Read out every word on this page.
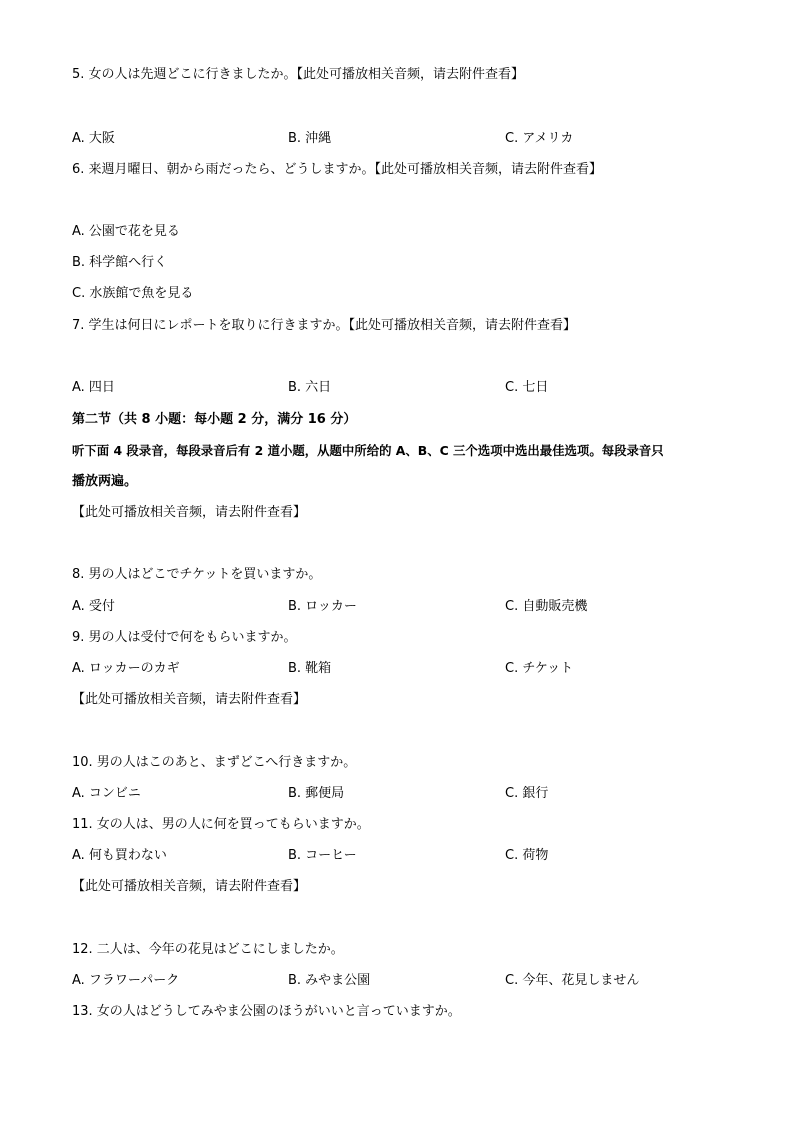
5. 女の人は先週どこに行きましたか。【此处可播放相关音频，请去附件查看】
A. 大阪	B. 沖縄	C. アメリカ
6. 来週月曜日、朝から雨だったら、どうしますか。【此处可播放相关音频，请去附件查看】
A. 公園で花を見る
B. 科学館へ行く
C. 水族館で魚を見る
7. 学生は何日にレポートを取りに行きますか。【此处可播放相关音频，请去附件查看】
A. 四日	B. 六日	C. 七日
第二节（共 8 小题：每小题 2 分，满分 16 分）
听下面 4 段录音，每段录音后有 2 道小题，从题中所给的 A、B、C 三个选项中选出最佳选项。每段录音只
播放两遍。
【此处可播放相关音频，请去附件查看】
8. 男の人はどこでチケットを買いますか。
A. 受付	B. ロッカー	C. 自動販売機
9. 男の人は受付で何をもらいますか。
A. ロッカーのカギ	B. 靴箱	C. チケット
【此处可播放相关音频，请去附件查看】
10. 男の人はこのあと、まずどこへ行きますか。
A. コンビニ	B. 郵便局	C. 銀行
11. 女の人は、男の人に何を買ってもらいますか。
A. 何も買わない	B. コーヒー	C. 荷物
【此处可播放相关音频，请去附件查看】
12. 二人は、今年の花見はどこにしましたか。
A. フラワーパーク	B. みやま公園	C. 今年、花見しません
13. 女の人はどうしてみやま公園のほうがいいと言っていますか。
